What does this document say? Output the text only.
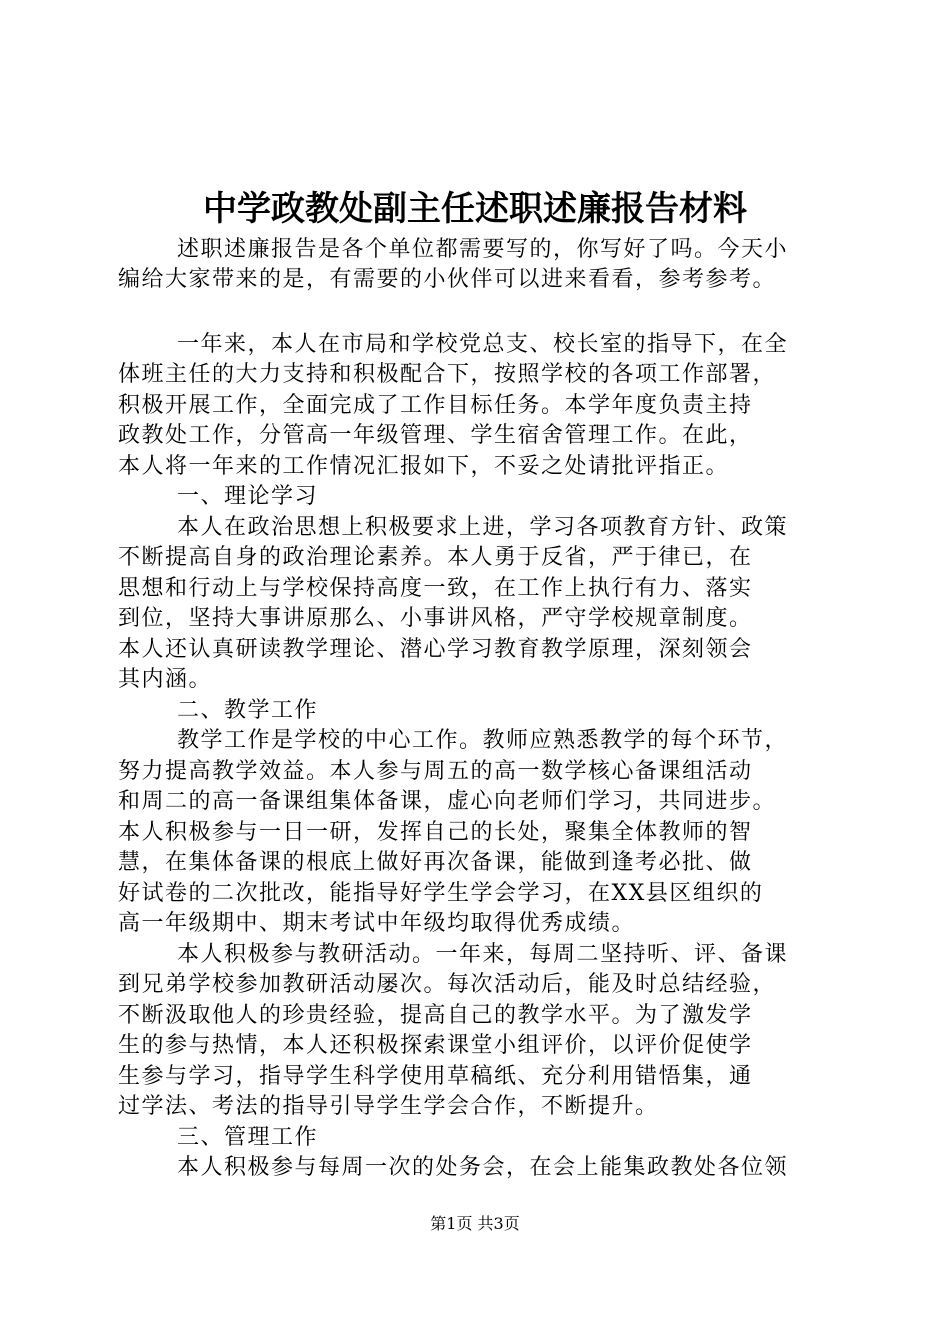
中学政教处副主任述职述廉报告材料
述职述廉报告是各个单位都需要写的，你写好了吗。今天小
编给大家带来的是，有需要的小伙伴可以进来看看，参考参考。
一年来，本人在市局和学校党总支、校长室的指导下，在全
体班主任的大力支持和积极配合下，按照学校的各项工作部署，
积极开展工作，全面完成了工作目标任务。本学年度负责主持
政教处工作，分管高一年级管理、学生宿舍管理工作。在此，
本人将一年来的工作情况汇报如下，不妥之处请批评指正。
一、理论学习
本人在政治思想上积极要求上进，学习各项教育方针、政策
不断提高自身的政治理论素养。本人勇于反省，严于律已，在
思想和行动上与学校保持高度一致，在工作上执行有力、落实
到位，坚持大事讲原那么、小事讲风格，严守学校规章制度。
本人还认真研读教学理论、潜心学习教育教学原理，深刻领会
其内涵。
二、教学工作
教学工作是学校的中心工作。教师应熟悉教学的每个环节，
努力提高教学效益。本人参与周五的高一数学核心备课组活动
和周二的高一备课组集体备课，虚心向老师们学习，共同进步。
本人积极参与一日一研，发挥自己的长处，聚集全体教师的智
慧，在集体备课的根底上做好再次备课，能做到逢考必批、做
好试卷的二次批改，能指导好学生学会学习，在XX县区组织的
高一年级期中、期末考试中年级均取得优秀成绩。
本人积极参与教研活动。一年来，每周二坚持听、评、备课
到兄弟学校参加教研活动屡次。每次活动后，能及时总结经验，
不断汲取他人的珍贵经验，提高自己的教学水平。为了激发学
生的参与热情，本人还积极探索课堂小组评价，以评价促使学
生参与学习，指导学生科学使用草稿纸、充分利用错悟集，通
过学法、考法的指导引导学生学会合作，不断提升。
三、管理工作
本人积极参与每周一次的处务会，在会上能集政教处各位领
第1页 共3页
